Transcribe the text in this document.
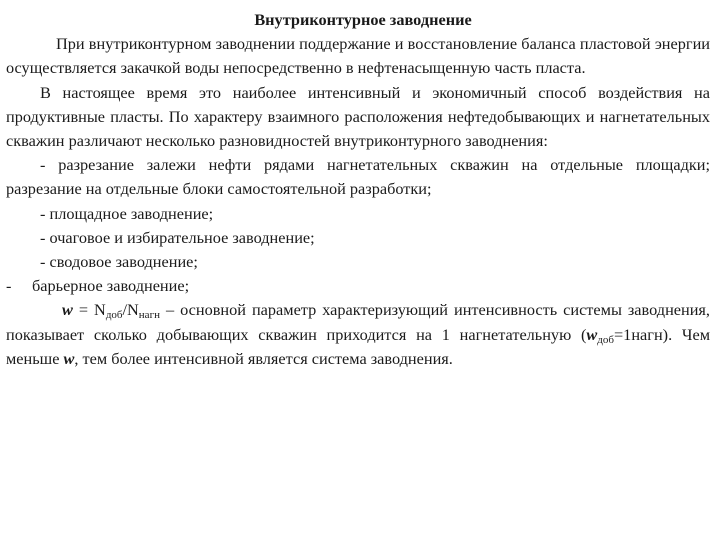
Внутриконтурное заводнение

При внутриконтурном заводнении поддержание и восстановление баланса пластовой энергии осуществляется закачкой воды непосредственно в нефтенасыщенную часть пласта.

В настоящее время это наиболее интенсивный и экономичный способ воздействия на продуктивные пласты. По характеру взаимного расположения нефтедобывающих и нагнетательных скважин различают несколько разновидностей внутриконтурного заводнения:

- разрезание залежи нефти рядами нагнетательных скважин на отдельные площадки; разрезание на отдельные блоки самостоятельной разработки;

- площадное заводнение;

- очаговое и избирательное заводнение;

- сводовое заводнение;

-	барьерное заводнение;

$w = N_{доб}/N_{нагн}$ – основной параметр характеризующий интенсивность системы заводнения, показывает сколько добывающих скважин приходится на 1 нагнетательную $(w_{доб}=1нагн)$. Чем меньше w, тем более интенсивной является система заводнения.
